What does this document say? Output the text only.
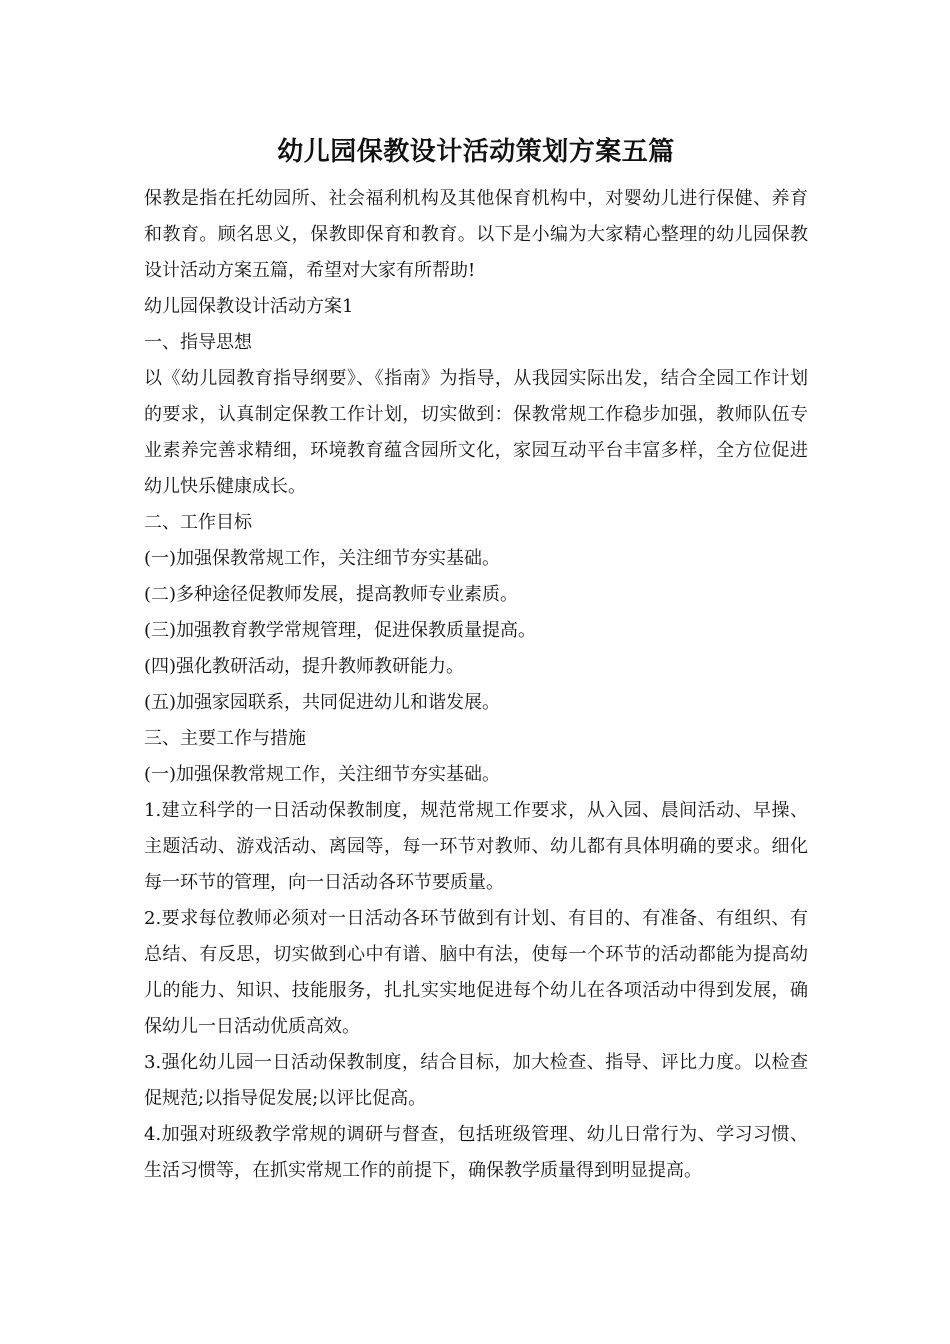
幼儿园保教设计活动策划方案五篇

保教是指在托幼园所、社会福利机构及其他保育机构中，对婴幼儿进行保健、养育和教育。顾名思义，保教即保育和教育。以下是小编为大家精心整理的幼儿园保教设计活动方案五篇，希望对大家有所帮助!

幼儿园保教设计活动方案1

一、指导思想

以《幼儿园教育指导纲要》、《指南》为指导，从我园实际出发，结合全园工作计划的要求，认真制定保教工作计划，切实做到：保教常规工作稳步加强，教师队伍专业素养完善求精细，环境教育蕴含园所文化，家园互动平台丰富多样，全方位促进幼儿快乐健康成长。

二、工作目标

(一)加强保教常规工作，关注细节夯实基础。

(二)多种途径促教师发展，提高教师专业素质。

(三)加强教育教学常规管理，促进保教质量提高。

(四)强化教研活动，提升教师教研能力。

(五)加强家园联系，共同促进幼儿和谐发展。

三、主要工作与措施

(一)加强保教常规工作，关注细节夯实基础。

1.建立科学的一日活动保教制度，规范常规工作要求，从入园、晨间活动、早操、主题活动、游戏活动、离园等，每一环节对教师、幼儿都有具体明确的要求。细化每一环节的管理，向一日活动各环节要质量。

2.要求每位教师必须对一日活动各环节做到有计划、有目的、有准备、有组织、有总结、有反思，切实做到心中有谱、脑中有法，使每一个环节的活动都能为提高幼儿的能力、知识、技能服务，扎扎实实地促进每个幼儿在各项活动中得到发展，确保幼儿一日活动优质高效。

3.强化幼儿园一日活动保教制度，结合目标，加大检查、指导、评比力度。以检查促规范;以指导促发展;以评比促高。

4.加强对班级教学常规的调研与督查，包括班级管理、幼儿日常行为、学习习惯、生活习惯等，在抓实常规工作的前提下，确保教学质量得到明显提高。
